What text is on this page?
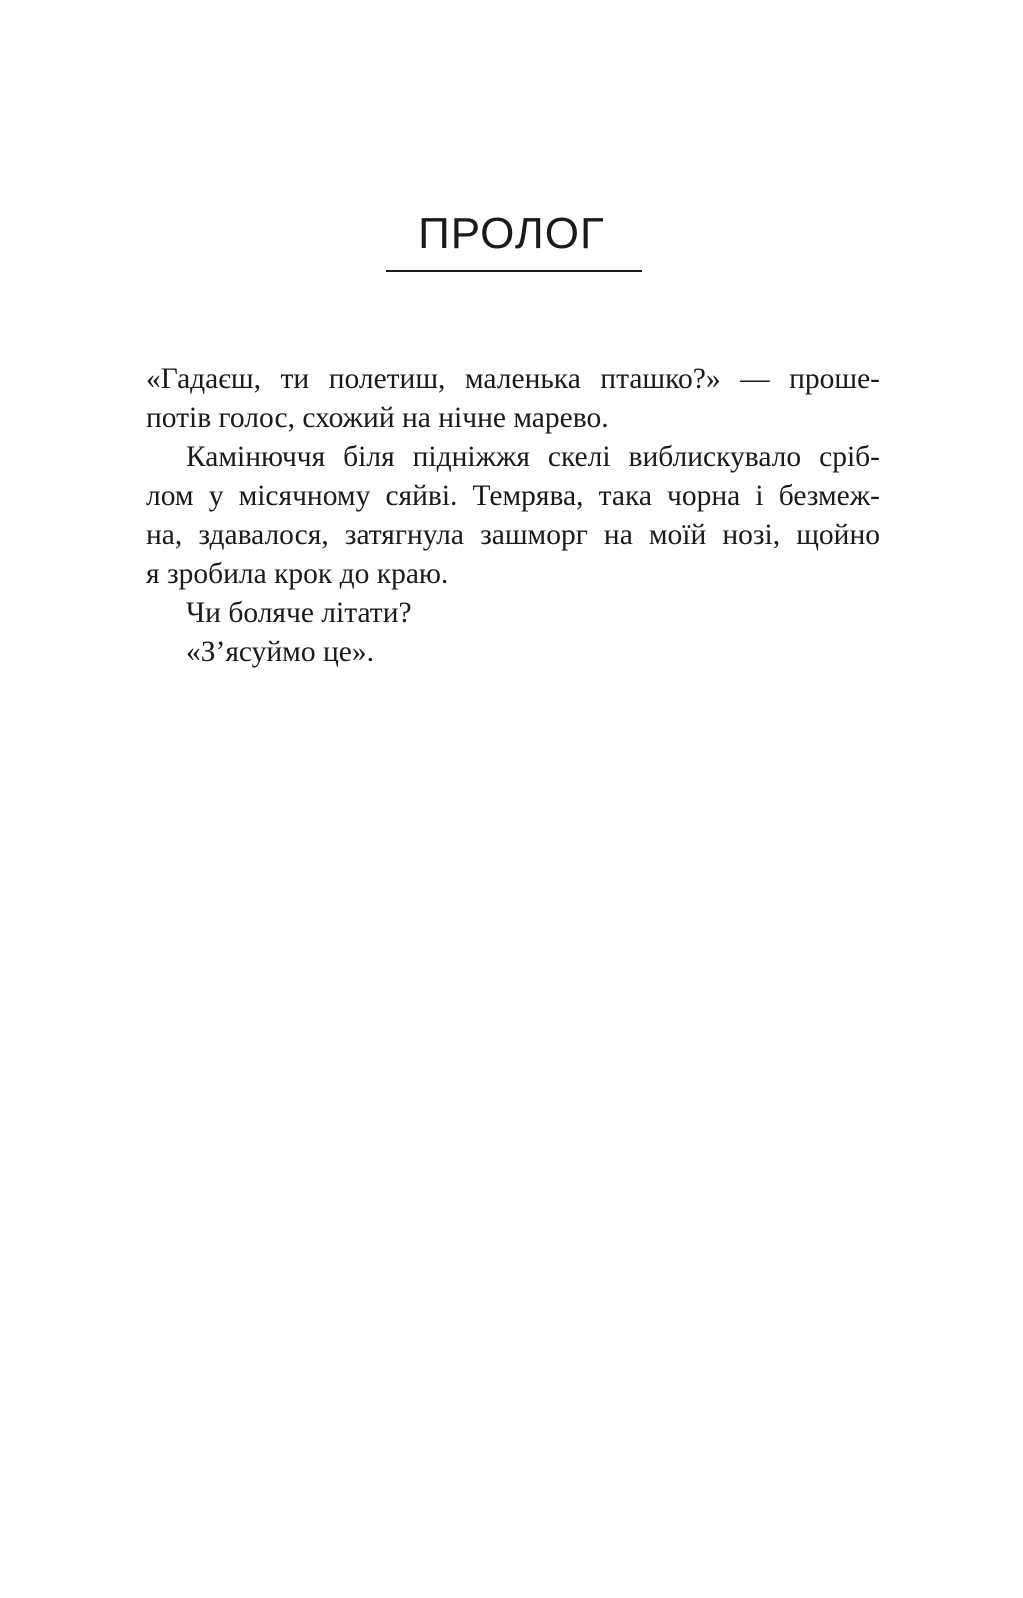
ПРОЛОГ
«Гадаєш, ти полетиш, маленька пташко?» — проше-
потів голос, схожий на нічне марево.
Камінюччя біля підніжжя скелі виблискувало сріб-
лом у місячному сяйві. Темрява, така чорна і безмеж-
на, здавалося, затягнула зашморг на моїй нозі, щойно
я зробила крок до краю.
Чи боляче літати?
«З’ясуймо це».
